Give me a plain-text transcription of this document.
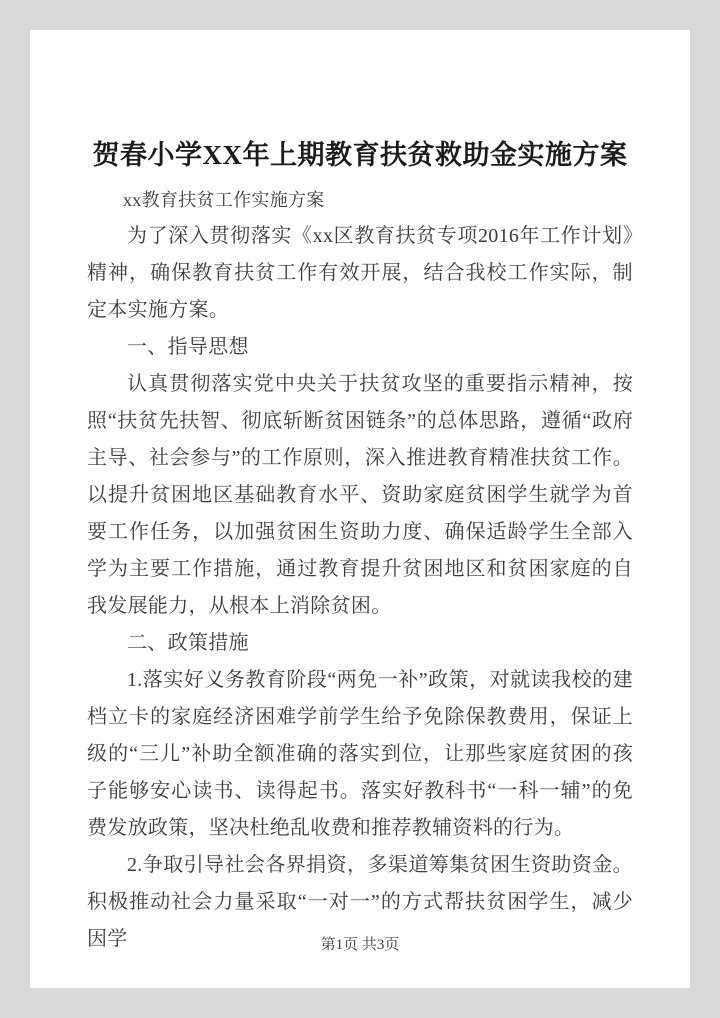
贺春小学XX年上期教育扶贫救助金实施方案

xx教育扶贫工作实施方案

为了深入贯彻落实《xx区教育扶贫专项2016年工作计划》精神，确保教育扶贫工作有效开展，结合我校工作实际，制定本实施方案。

一、指导思想

认真贯彻落实党中央关于扶贫攻坚的重要指示精神，按照“扶贫先扶智、彻底斩断贫困链条”的总体思路，遵循“政府主导、社会参与”的工作原则，深入推进教育精准扶贫工作。以提升贫困地区基础教育水平、资助家庭贫困学生就学为首要工作任务，以加强贫困生资助力度、确保适龄学生全部入学为主要工作措施，通过教育提升贫困地区和贫困家庭的自我发展能力，从根本上消除贫困。

二、政策措施

1.落实好义务教育阶段“两免一补”政策，对就读我校的建档立卡的家庭经济困难学前学生给予免除保教费用，保证上级的“三儿”补助全额准确的落实到位，让那些家庭贫困的孩子能够安心读书、读得起书。落实好教科书“一科一辅”的免费发放政策，坚决杜绝乱收费和推荐教辅资料的行为。

2.争取引导社会各界捐资，多渠道筹集贫困生资助资金。积极推动社会力量采取“一对一”的方式帮扶贫困学生，减少因学	第1页 共3页
